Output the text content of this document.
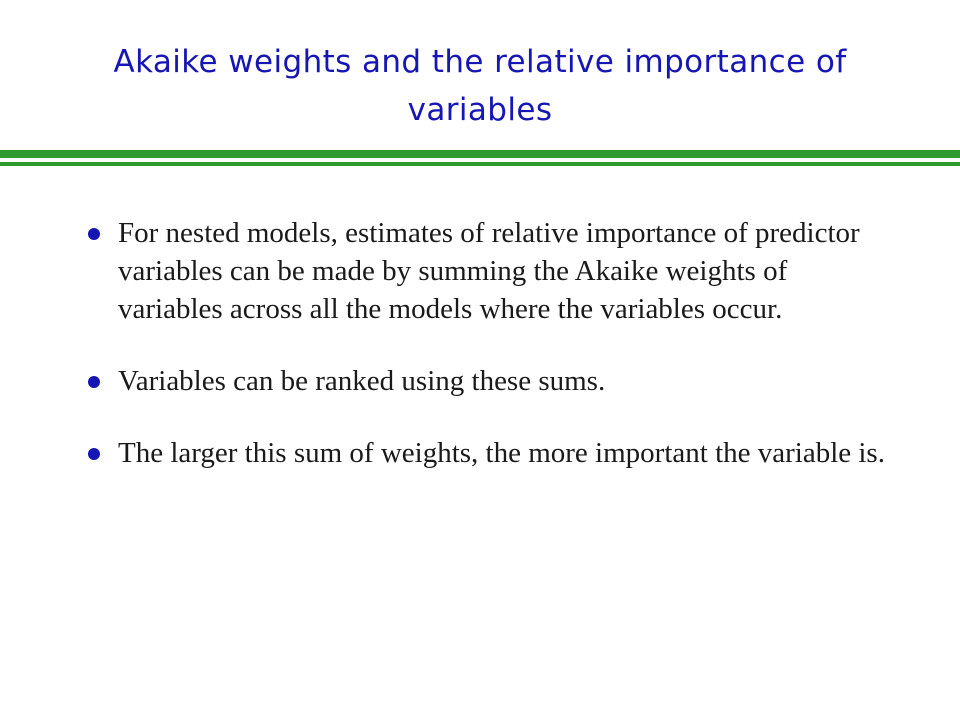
Akaike weights and the relative importance of variables
For nested models, estimates of relative importance of predictor variables can be made by summing the Akaike weights of variables across all the models where the variables occur.
Variables can be ranked using these sums.
The larger this sum of weights, the more important the variable is.
